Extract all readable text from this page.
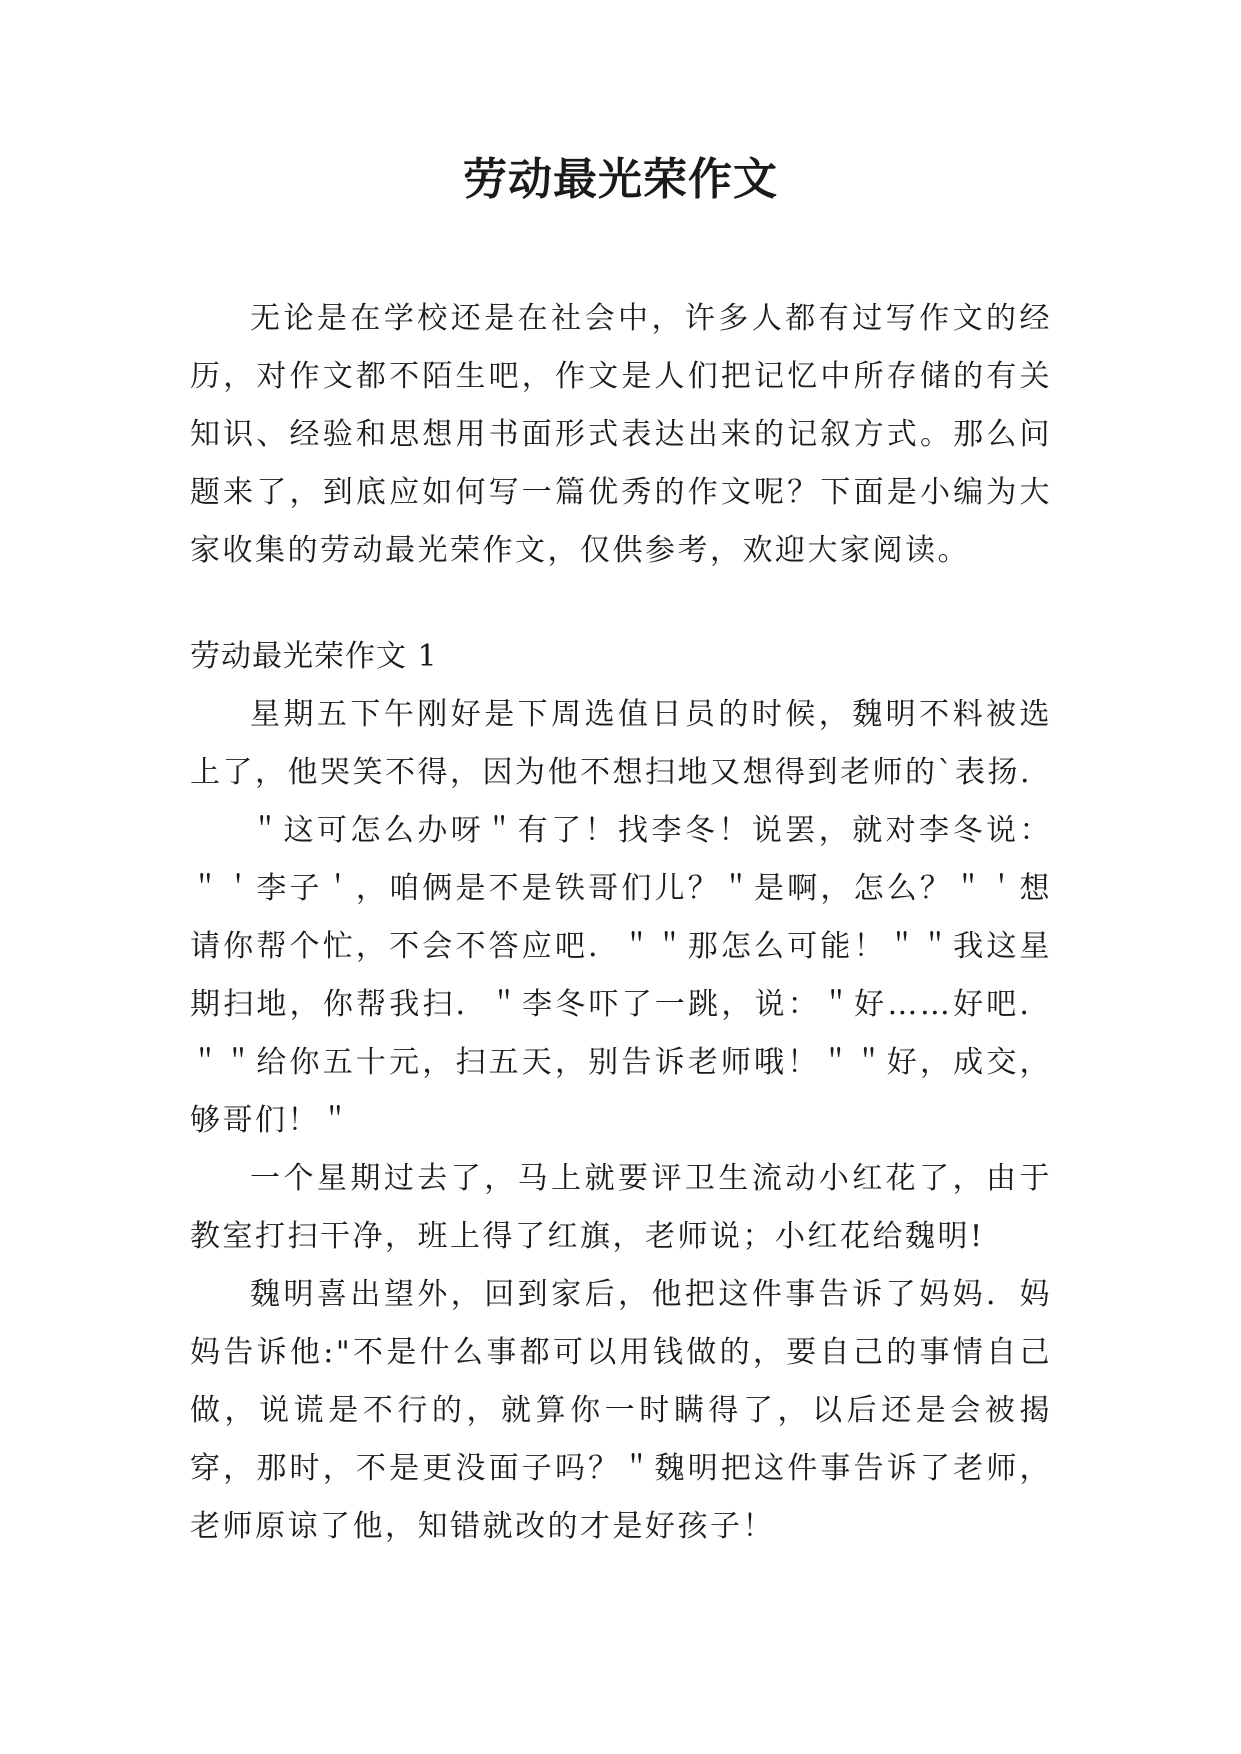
劳动最光荣作文

无论是在学校还是在社会中，许多人都有过写作文的经历，对作文都不陌生吧，作文是人们把记忆中所存储的有关知识、经验和思想用书面形式表达出来的记叙方式。那么问题来了，到底应如何写一篇优秀的作文呢？下面是小编为大家收集的劳动最光荣作文，仅供参考，欢迎大家阅读。

劳动最光荣作文 1

星期五下午刚好是下周选值日员的时候，魏明不料被选上了，他哭笑不得，因为他不想扫地又想得到老师的`表扬.

＂这可怎么办呀＂有了！找李冬！说罢，就对李冬说：＂＇李子＇，咱俩是不是铁哥们儿？＂是啊，怎么？＂＇想请你帮个忙，不会不答应吧．＂＂那怎么可能！＂＂我这星期扫地，你帮我扫．＂李冬吓了一跳，说：＂好……好吧．＂＂给你五十元，扫五天，别告诉老师哦！＂＂好，成交，够哥们！＂

一个星期过去了，马上就要评卫生流动小红花了，由于教室打扫干净，班上得了红旗，老师说；小红花给魏明!

魏明喜出望外，回到家后，他把这件事告诉了妈妈．妈妈告诉他:"不是什么事都可以用钱做的，要自己的事情自己做，说谎是不行的，就算你一时瞒得了，以后还是会被揭穿，那时，不是更没面子吗？＂魏明把这件事告诉了老师，老师原谅了他，知错就改的才是好孩子！
